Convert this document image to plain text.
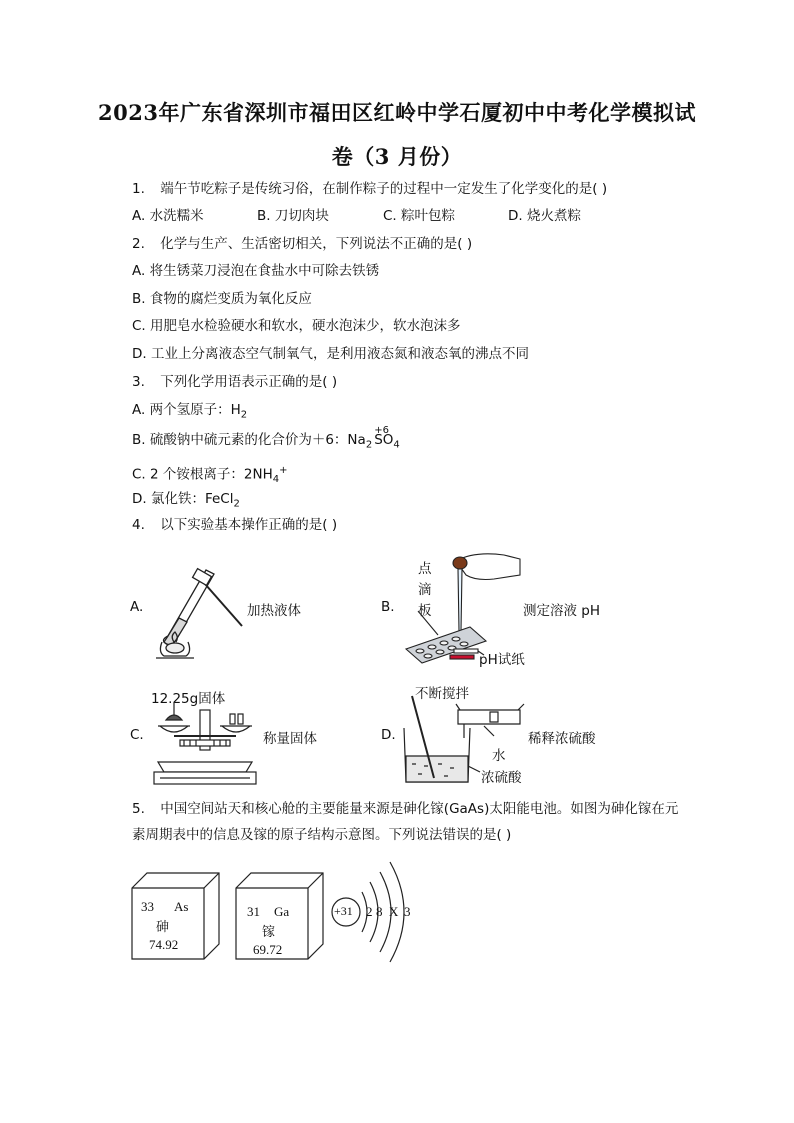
2023年广东省深圳市福田区红岭中学石厦初中中考化学模拟试
卷（3 月份）
1. 端午节吃粽子是传统习俗，在制作粽子的过程中一定发生了化学变化的是( )
A. 水洗糯米	B. 刀切肉块	C. 粽叶包粽	D. 烧火煮粽
2. 化学与生产、生活密切相关，下列说法不正确的是( )
A. 将生锈菜刀浸泡在食盐水中可除去铁锈
B. 食物的腐烂变质为氧化反应
C. 用肥皂水检验硬水和软水，硬水泡沫少，软水泡沫多
D. 工业上分离液态空气制氧气，是利用液态氮和液态氧的沸点不同
3. 下列化学用语表示正确的是( )
A. 两个氢原子：$H_2$
B. 硫酸钠中硫元素的化合价为＋6：$Na_2$
+6
$SO_4$
C. 2 个铵根离子：$2NH_4^+$
D. 氯化铁：FeCl$_2$
4. 以下实验基本操作正确的是( )
A.	加热液体	B.
点
滴
板	测定溶液 pH
pH试纸
C.
12.25g固体
称量固体	D.
不断搅拌
稀释浓硫酸
水
浓硫酸
5. 中国空间站天和核心舱的主要能量来源是砷化镓(GaAs)太阳能电池。如图为砷化镓在元
素周期表中的信息及镓的原子结构示意图。下列说法错误的是( )
33 As
砷
74.92
31 Ga
镓
69.72
+31 2 8 X 3
